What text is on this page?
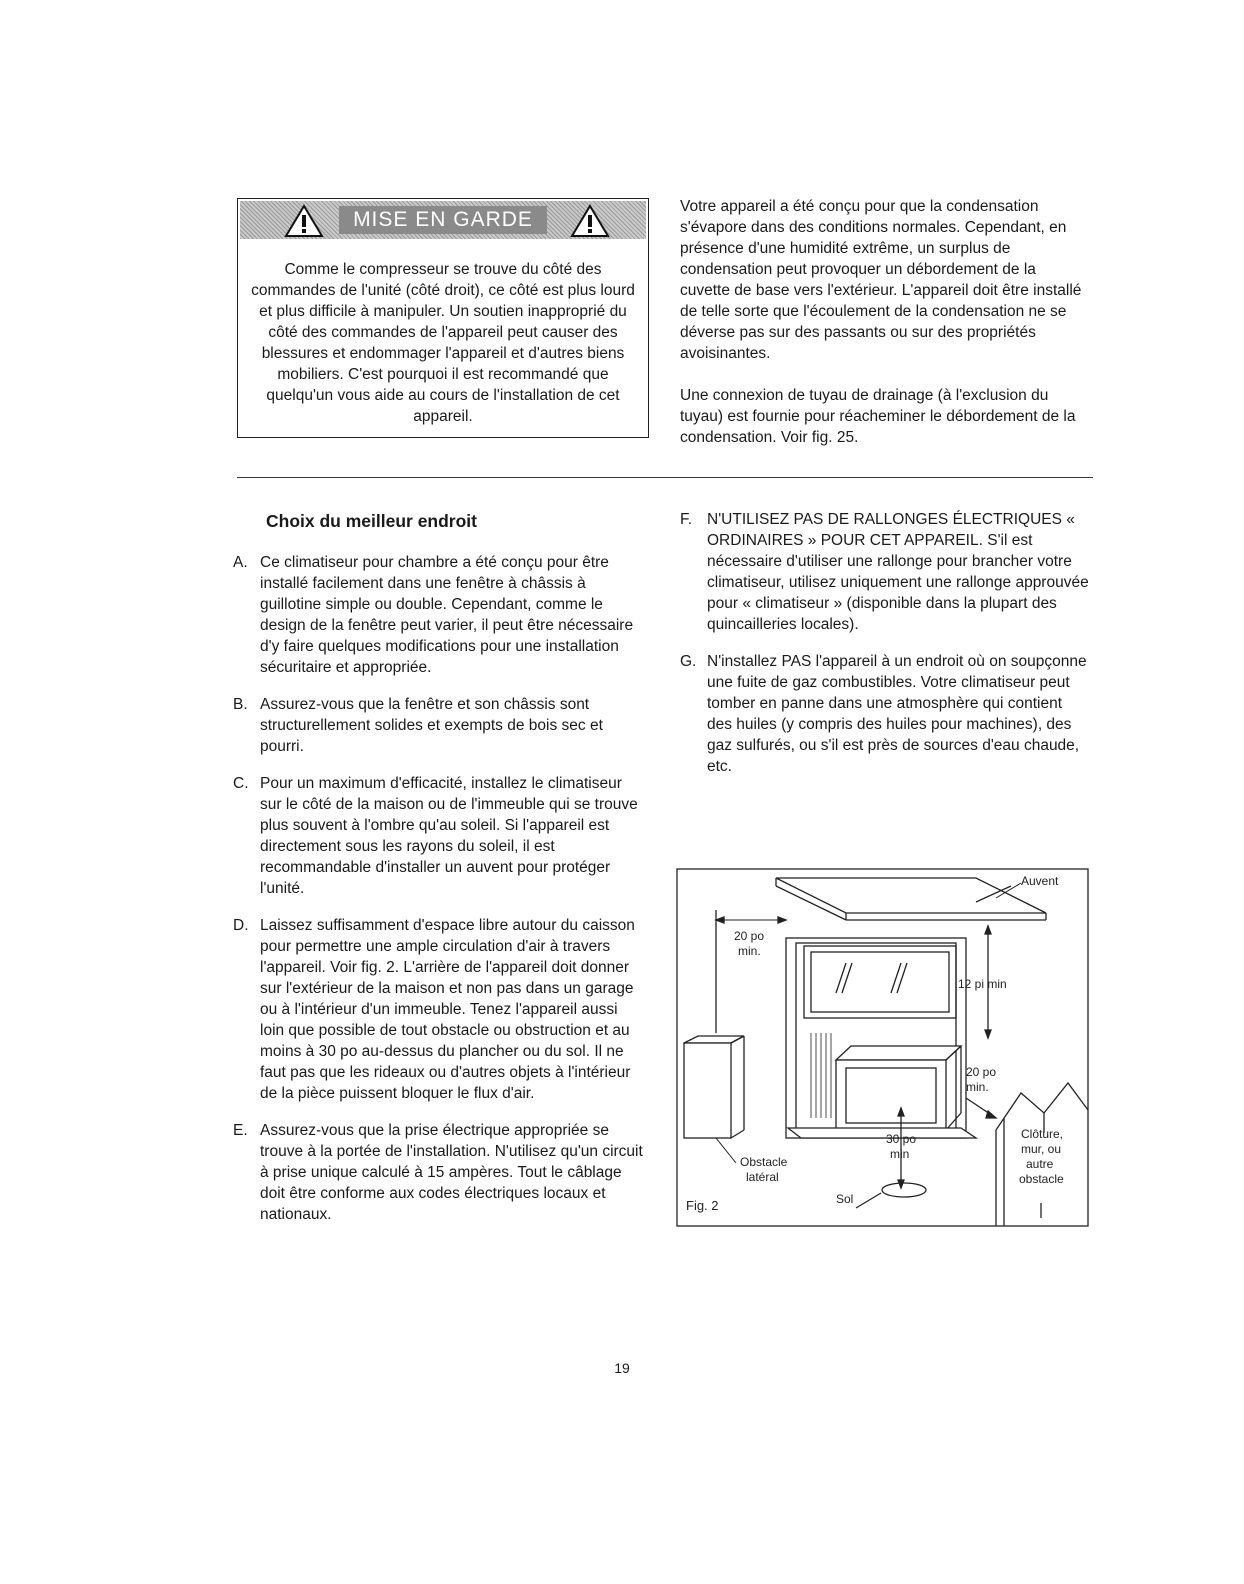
MISE EN GARDE
Comme le compresseur se trouve du côté des commandes de l'unité (côté droit), ce côté est plus lourd et plus difficile à manipuler. Un soutien inapproprié du côté des commandes de l'appareil peut causer des blessures et endommager l'appareil et d'autres biens mobiliers. C'est pourquoi il est recommandé que quelqu'un vous aide au cours de l'installation de cet appareil.
Votre appareil a été conçu pour que la condensation s'évapore dans des conditions normales. Cependant, en présence d'une humidité extrême, un surplus de condensation peut provoquer un débordement de la cuvette de base vers l'extérieur. L'appareil doit être installé de telle sorte que l'écoulement de la condensation ne se déverse pas sur des passants ou sur des propriétés avoisinantes.
Une connexion de tuyau de drainage (à l'exclusion du tuyau) est fournie pour réacheminer le débordement de la condensation. Voir fig. 25.
Choix du meilleur endroit
A. Ce climatiseur pour chambre a été conçu pour être installé facilement dans une fenêtre à châssis à guillotine simple ou double. Cependant, comme le design de la fenêtre peut varier, il peut être nécessaire d'y faire quelques modifications pour une installation sécuritaire et appropriée.
B. Assurez-vous que la fenêtre et son châssis sont structurellement solides et exempts de bois sec et pourri.
C. Pour un maximum d'efficacité, installez le climatiseur sur le côté de la maison ou de l'immeuble qui se trouve plus souvent à l'ombre qu'au soleil. Si l'appareil est directement sous les rayons du soleil, il est recommandable d'installer un auvent pour protéger l'unité.
D. Laissez suffisamment d'espace libre autour du caisson pour permettre une ample circulation d'air à travers l'appareil. Voir fig. 2. L'arrière de l'appareil doit donner sur l'extérieur de la maison et non pas dans un garage ou à l'intérieur d'un immeuble. Tenez l'appareil aussi loin que possible de tout obstacle ou obstruction et au moins à 30 po au-dessus du plancher ou du sol. Il ne faut pas que les rideaux ou d'autres objets à l'intérieur de la pièce puissent bloquer le flux d'air.
E. Assurez-vous que la prise électrique appropriée se trouve à la portée de l'installation. N'utilisez qu'un circuit à prise unique calculé à 15 ampères. Tout le câblage doit être conforme aux codes électriques locaux et nationaux.
F. N'UTILISEZ PAS DE RALLONGES ÉLECTRIQUES « ORDINAIRES » POUR CET APPAREIL. S'il est nécessaire d'utiliser une rallonge pour brancher votre climatiseur, utilisez uniquement une rallonge approuvée pour « climatiseur » (disponible dans la plupart des quincailleries locales).
G. N'installez PAS l'appareil à un endroit où on soupçonne une fuite de gaz combustibles. Votre climatiseur peut tomber en panne dans une atmosphère qui contient des huiles (y compris des huiles pour machines), des gaz sulfurés, ou s'il est près de sources d'eau chaude, etc.
Auvent
20 po
min.
12 pi min
20 po
min.
30 po
min
Obstacle
latéral
Sol
Clôture,
mur, ou
autre
obstacle
Fig. 2
19
